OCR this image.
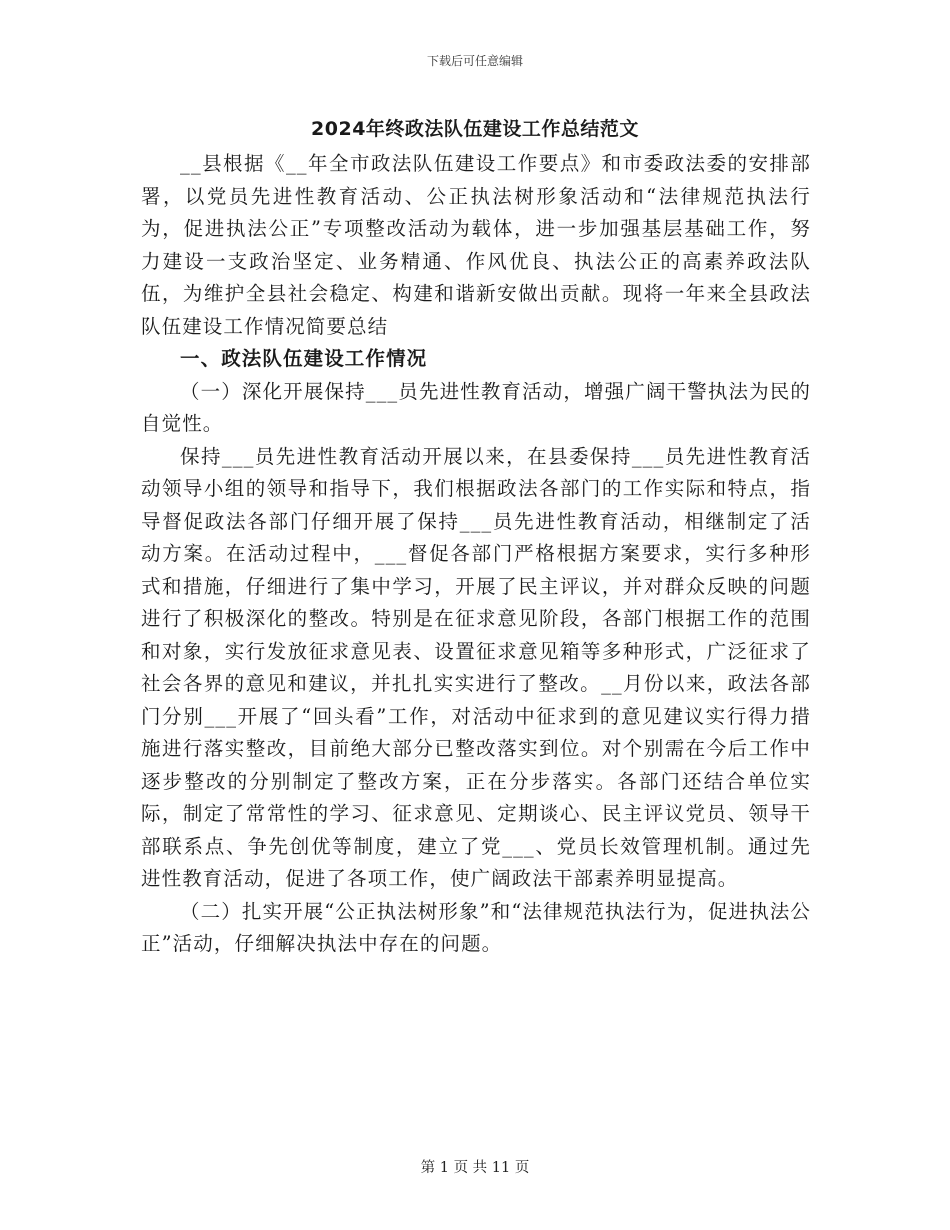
下载后可任意编辑
2024年终政法队伍建设工作总结范文

__县根据《__年全市政法队伍建设工作要点》和市委政法委的安排部署，以党员先进性教育活动、公正执法树形象活动和“法律规范执法行为，促进执法公正”专项整改活动为载体，进一步加强基层基础工作，努力建设一支政治坚定、业务精通、作风优良、执法公正的高素养政法队伍，为维护全县社会稳定、构建和谐新安做出贡献。现将一年来全县政法队伍建设工作情况简要总结

一、政法队伍建设工作情况

（一）深化开展保持___员先进性教育活动，增强广阔干警执法为民的自觉性。

保持___员先进性教育活动开展以来，在县委保持___员先进性教育活动领导小组的领导和指导下，我们根据政法各部门的工作实际和特点，指导督促政法各部门仔细开展了保持___员先进性教育活动，相继制定了活动方案。在活动过程中，___督促各部门严格根据方案要求，实行多种形式和措施，仔细进行了集中学习，开展了民主评议，并对群众反映的问题进行了积极深化的整改。特别是在征求意见阶段，各部门根据工作的范围和对象，实行发放征求意见表、设置征求意见箱等多种形式，广泛征求了社会各界的意见和建议，并扎扎实实进行了整改。__月份以来，政法各部门分别___开展了“回头看”工作，对活动中征求到的意见建议实行得力措施进行落实整改，目前绝大部分已整改落实到位。对个别需在今后工作中逐步整改的分别制定了整改方案，正在分步落实。各部门还结合单位实际，制定了常常性的学习、征求意见、定期谈心、民主评议党员、领导干部联系点、争先创优等制度，建立了党___、党员长效管理机制。通过先进性教育活动，促进了各项工作，使广阔政法干部素养明显提高。

（二）扎实开展“公正执法树形象”和“法律规范执法行为，促进执法公正”活动，仔细解决执法中存在的问题。

第 1 页 共 11 页
